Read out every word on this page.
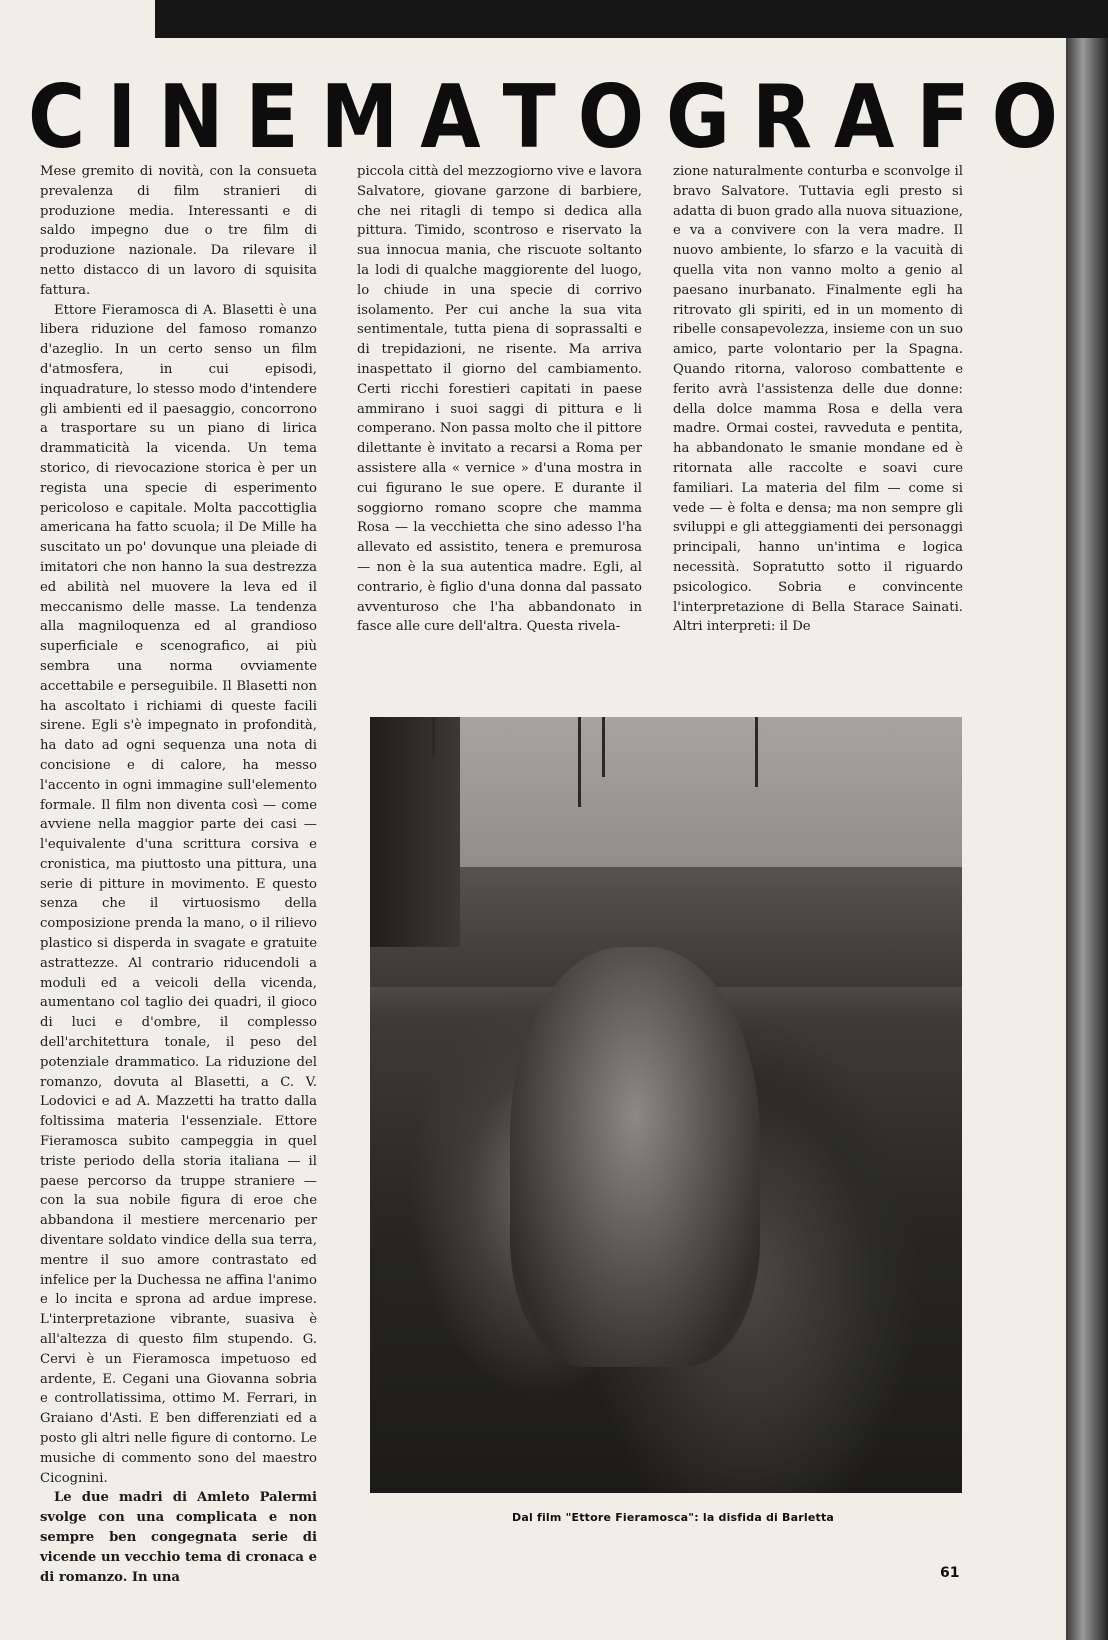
C I N E M A T O G R A F O

Mese gremito di novità, con la consueta prevalenza di film stranieri di produzione media. Interessanti e di saldo impegno due o tre film di produzione nazionale. Da rilevare il netto distacco di un lavoro di squisita fattura.

Ettore Fieramosca di A. Blasetti è una libera riduzione del famoso romanzo d'azeglio. In un certo senso un film d'atmosfera, in cui episodi, inquadrature, lo stesso modo d'intendere gli ambienti ed il paesaggio, concorrono a trasportare su un piano di lirica drammaticità la vicenda. Un tema storico, di rievocazione storica è per un regista una specie di esperimento pericoloso e capitale. Molta paccottiglia americana ha fatto scuola; il De Mille ha suscitato un po' dovunque una pleiade di imitatori che non hanno la sua destrezza ed abilità nel muovere la leva ed il meccanismo delle masse. La tendenza alla magniloquenza ed al grandioso superficiale e scenografico, ai più sembra una norma ovviamente accettabile e perseguibile. Il Blasetti non ha ascoltato i richiami di queste facili sirene. Egli s'è impegnato in profondità, ha dato ad ogni sequenza una nota di concisione e di calore, ha messo l'accento in ogni immagine sull'elemento formale. Il film non diventa così — come avviene nella maggior parte dei casi — l'equivalente d'una scrittura corsiva e cronistica, ma piuttosto una pittura, una serie di pitture in movimento. E questo senza che il virtuosismo della composizione prenda la mano, o il rilievo plastico si disperda in svagate e gratuite astrattezze. Al contrario riducendoli a moduli ed a veicoli della vicenda, aumentano col taglio dei quadri, il gioco di luci e d'ombre, il complesso dell'architettura tonale, il peso del potenziale drammatico. La riduzione del romanzo, dovuta al Blasetti, a C. V. Lodovici e ad A. Mazzetti ha tratto dalla foltissima materia l'essenziale. Ettore Fieramosca subito campeggia in quel triste periodo della storia italiana — il paese percorso da truppe straniere — con la sua nobile figura di eroe che abbandona il mestiere mercenario per diventare soldato vindice della sua terra, mentre il suo amore contrastato ed infelice per la Duchessa ne affina l'animo e lo incita e sprona ad ardue imprese. L'interpretazione vibrante, suasiva è all'altezza di questo film stupendo. G. Cervi è un Fieramosca impetuoso ed ardente, E. Cegani una Giovanna sobria e controllatissima, ottimo M. Ferrari, in Graiano d'Asti. E ben differenziati ed a posto gli altri nelle figure di contorno. Le musiche di commento sono del maestro Cicognini.

Le due madri di Amleto Palermi svolge con una complicata e non sempre ben congegnata serie di vicende un vecchio tema di cronaca e di romanzo. In una

piccola città del mezzogiorno vive e lavora Salvatore, giovane garzone di barbiere, che nei ritagli di tempo si dedica alla pittura. Timido, scontroso e riservato la sua innocua mania, che riscuote soltanto la lodi di qualche maggiorente del luogo, lo chiude in una specie di corrivo isolamento. Per cui anche la sua vita sentimentale, tutta piena di soprassalti e di trepidazioni, ne risente. Ma arriva inaspettato il giorno del cambiamento. Certi ricchi forestieri capitati in paese ammirano i suoi saggi di pittura e li comperano. Non passa molto che il pittore dilettante è invitato a recarsi a Roma per assistere alla « vernice » d'una mostra in cui figurano le sue opere. E durante il soggiorno romano scopre che mamma Rosa — la vecchietta che sino adesso l'ha allevato ed assistito, tenera e premurosa — non è la sua autentica madre. Egli, al contrario, è figlio d'una donna dal passato avventuroso che l'ha abbandonato in fasce alle cure dell'altra. Questa rivela-

zione naturalmente conturba e sconvolge il bravo Salvatore. Tuttavia egli presto si adatta di buon grado alla nuova situazione, e va a convivere con la vera madre. Il nuovo ambiente, lo sfarzo e la vacuità di quella vita non vanno molto a genio al paesano inurbanato. Finalmente egli ha ritrovato gli spiriti, ed in un momento di ribelle consapevolezza, insieme con un suo amico, parte volontario per la Spagna. Quando ritorna, valoroso combattente e ferito avrà l'assistenza delle due donne: della dolce mamma Rosa e della vera madre. Ormai costei, ravveduta e pentita, ha abbandonato le smanie mondane ed è ritornata alle raccolte e soavi cure familiari. La materia del film — come si vede — è folta e densa; ma non sempre gli sviluppi e gli atteggiamenti dei personaggi principali, hanno un'intima e logica necessità. Sopratutto sotto il riguardo psicologico. Sobria e convincente l'interpretazione di Bella Starace Sainati. Altri interpreti: il De

Dal film "Ettore Fieramosca": la disfida di Barletta
61
